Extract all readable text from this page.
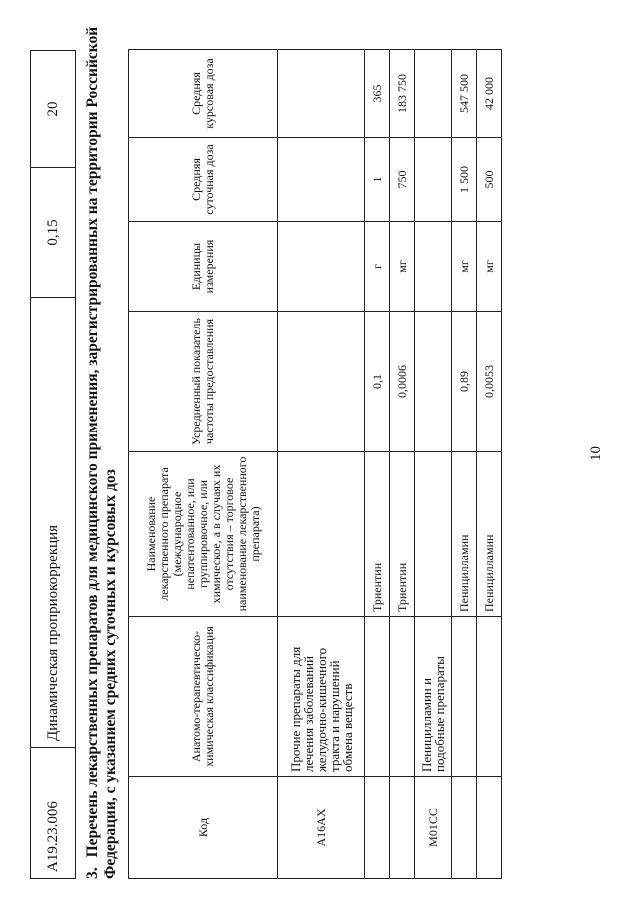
10
A19.23.006	Динамическая проприокоррекция	0,15	20
3.Перечень лекарственных препаратов для медицинского применения, зарегистрированных на территории Российской Федерации, с указанием средних суточных и курсовых доз	Код	Анатомо-терапевтическо-химическая классификация	Наименование лекарственного препарата (международное непатентованное, или группировочное, или химическое, а в случаях их отсутствия – торговое наименование лекарственного препарата)	Усредненный показатель частоты предоставления	Единицы измерения	Средняя суточная доза	Средняя курсовая доза
A16AX	Прочие препараты для лечения заболеваний желудочно-кишечного тракта и нарушений обмена веществ					
		Триентин	0,1	г	1	365
		Триентин	0,0006	мг	750	183 750
M01CC	Пеницилламин и подобные препараты					
		Пеницилламин	0,89	мг	1 500	547 500
		Пеницилламин	0,0053	мг	500	42 000
